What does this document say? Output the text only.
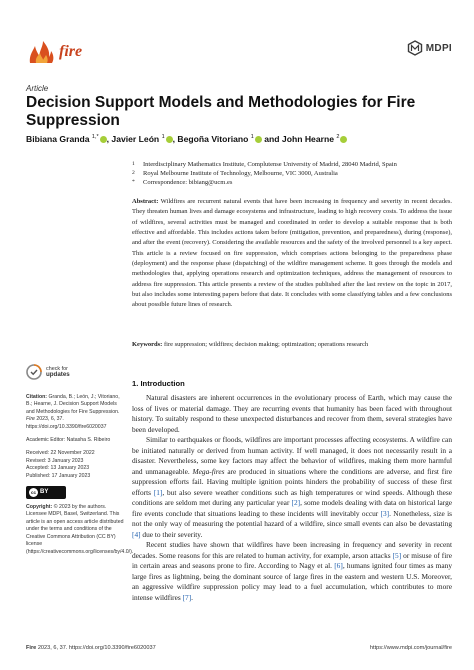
fire	MDPI
Article
Decision Support Models and Methodologies for Fire Suppression
Bibiana Granda $^{1,*}$ , Javier León $^1$ , Begoña Vitoriano $^1$ and John Hearne $^2$
1	Interdisciplinary Mathematics Institute, Complutense University of Madrid, 28040 Madrid, Spain
2	Royal Melbourne Institute of Technology, Melbourne, VIC 3000, Australia
*	Correspondence: bibiang@ucm.es
Abstract: Wildfires are recurrent natural events that have been increasing in frequency and severity in recent decades. They threaten human lives and damage ecosystems and infrastructure, leading to high recovery costs. To address the issue of wildfires, several activities must be managed and coordinated in order to develop a suitable response that is both effective and affordable. This includes actions taken before (mitigation, prevention, and preparedness), during (response), and after the event (recovery). Considering the available resources and the safety of the involved personnel is a key aspect. This article is a review focused on fire suppression, which comprises actions belonging to the preparedness phase (deployment) and the response phase (dispatching) of the wildfire management scheme. It goes through the models and methodologies that, applying operations research and optimization techniques, address the management of resources to address fire suppression. This article presents a review of the studies published after the last review on the topic in 2017, but also includes some interesting papers before that date. It concludes with some classifying tables and a few conclusions about possible future lines of research.
Keywords: fire suppression; wildfires; decision making; optimization; operations research
check for
updates
Citation: Granda, B.; León, J.; Vitoriano, B.; Hearne, J. Decision Support Models and Methodologies for Fire Suppression. Fire 2023, 6, 37. https://doi.org/10.3390/fire6020037
Academic Editor: Natasha S. Ribeiro
Received: 22 November 2022
Revised: 3 January 2023
Accepted: 13 January 2023
Published: 17 January 2023
cc BY
Copyright: © 2023 by the authors. Licensee MDPI, Basel, Switzerland. This article is an open access article distributed under the terms and conditions of the Creative Commons Attribution (CC BY) license (https://creativecommons.org/licenses/by/4.0/).
1. Introduction

Natural disasters are inherent occurrences in the evolutionary process of Earth, which may cause the loss of lives or material damage. They are recurring events that humanity has been faced with throughout history. To suitably respond to these unexpected disturbances and recover from them, several strategies have been developed.

Similar to earthquakes or floods, wildfires are important processes affecting ecosystems. A wildfire can be initiated naturally or derived from human activity. If well managed, it does not necessarily result in a disaster. Nevertheless, some key factors may affect the behavior of wildfires, making them more harmful and unmanageable. Mega-fires are produced in situations where the conditions are adverse, and first fire suppression efforts fail. Having multiple ignition points hinders the probability of success of these first efforts [1], but also severe weather conditions such as high temperatures or wind speeds. Although these conditions are seldom met during any particular year [2], some models dealing with data on historical large fire events conclude that situations leading to these incidents will inevitably occur [3]. Nonetheless, size is not the only way of measuring the potential hazard of a wildfire, since small events can also be devastating [4] due to their severity.

Recent studies have shown that wildfires have been increasing in frequency and severity in recent decades. Some reasons for this are related to human activity, for example, arson attacks [5] or misuse of fire in certain areas and seasons prone to fire. According to Nagy et al. [6], humans ignited four times as many large fires as lightning, being the dominant source of large fires in the eastern and western U.S. Moreover, an aggressive wildfire suppression policy may lead to a fuel accumulation, which contributes to more intense wildfires [7].

Fire 2023, 6, 37. https://doi.org/10.3390/fire6020037	https://www.mdpi.com/journal/fire
